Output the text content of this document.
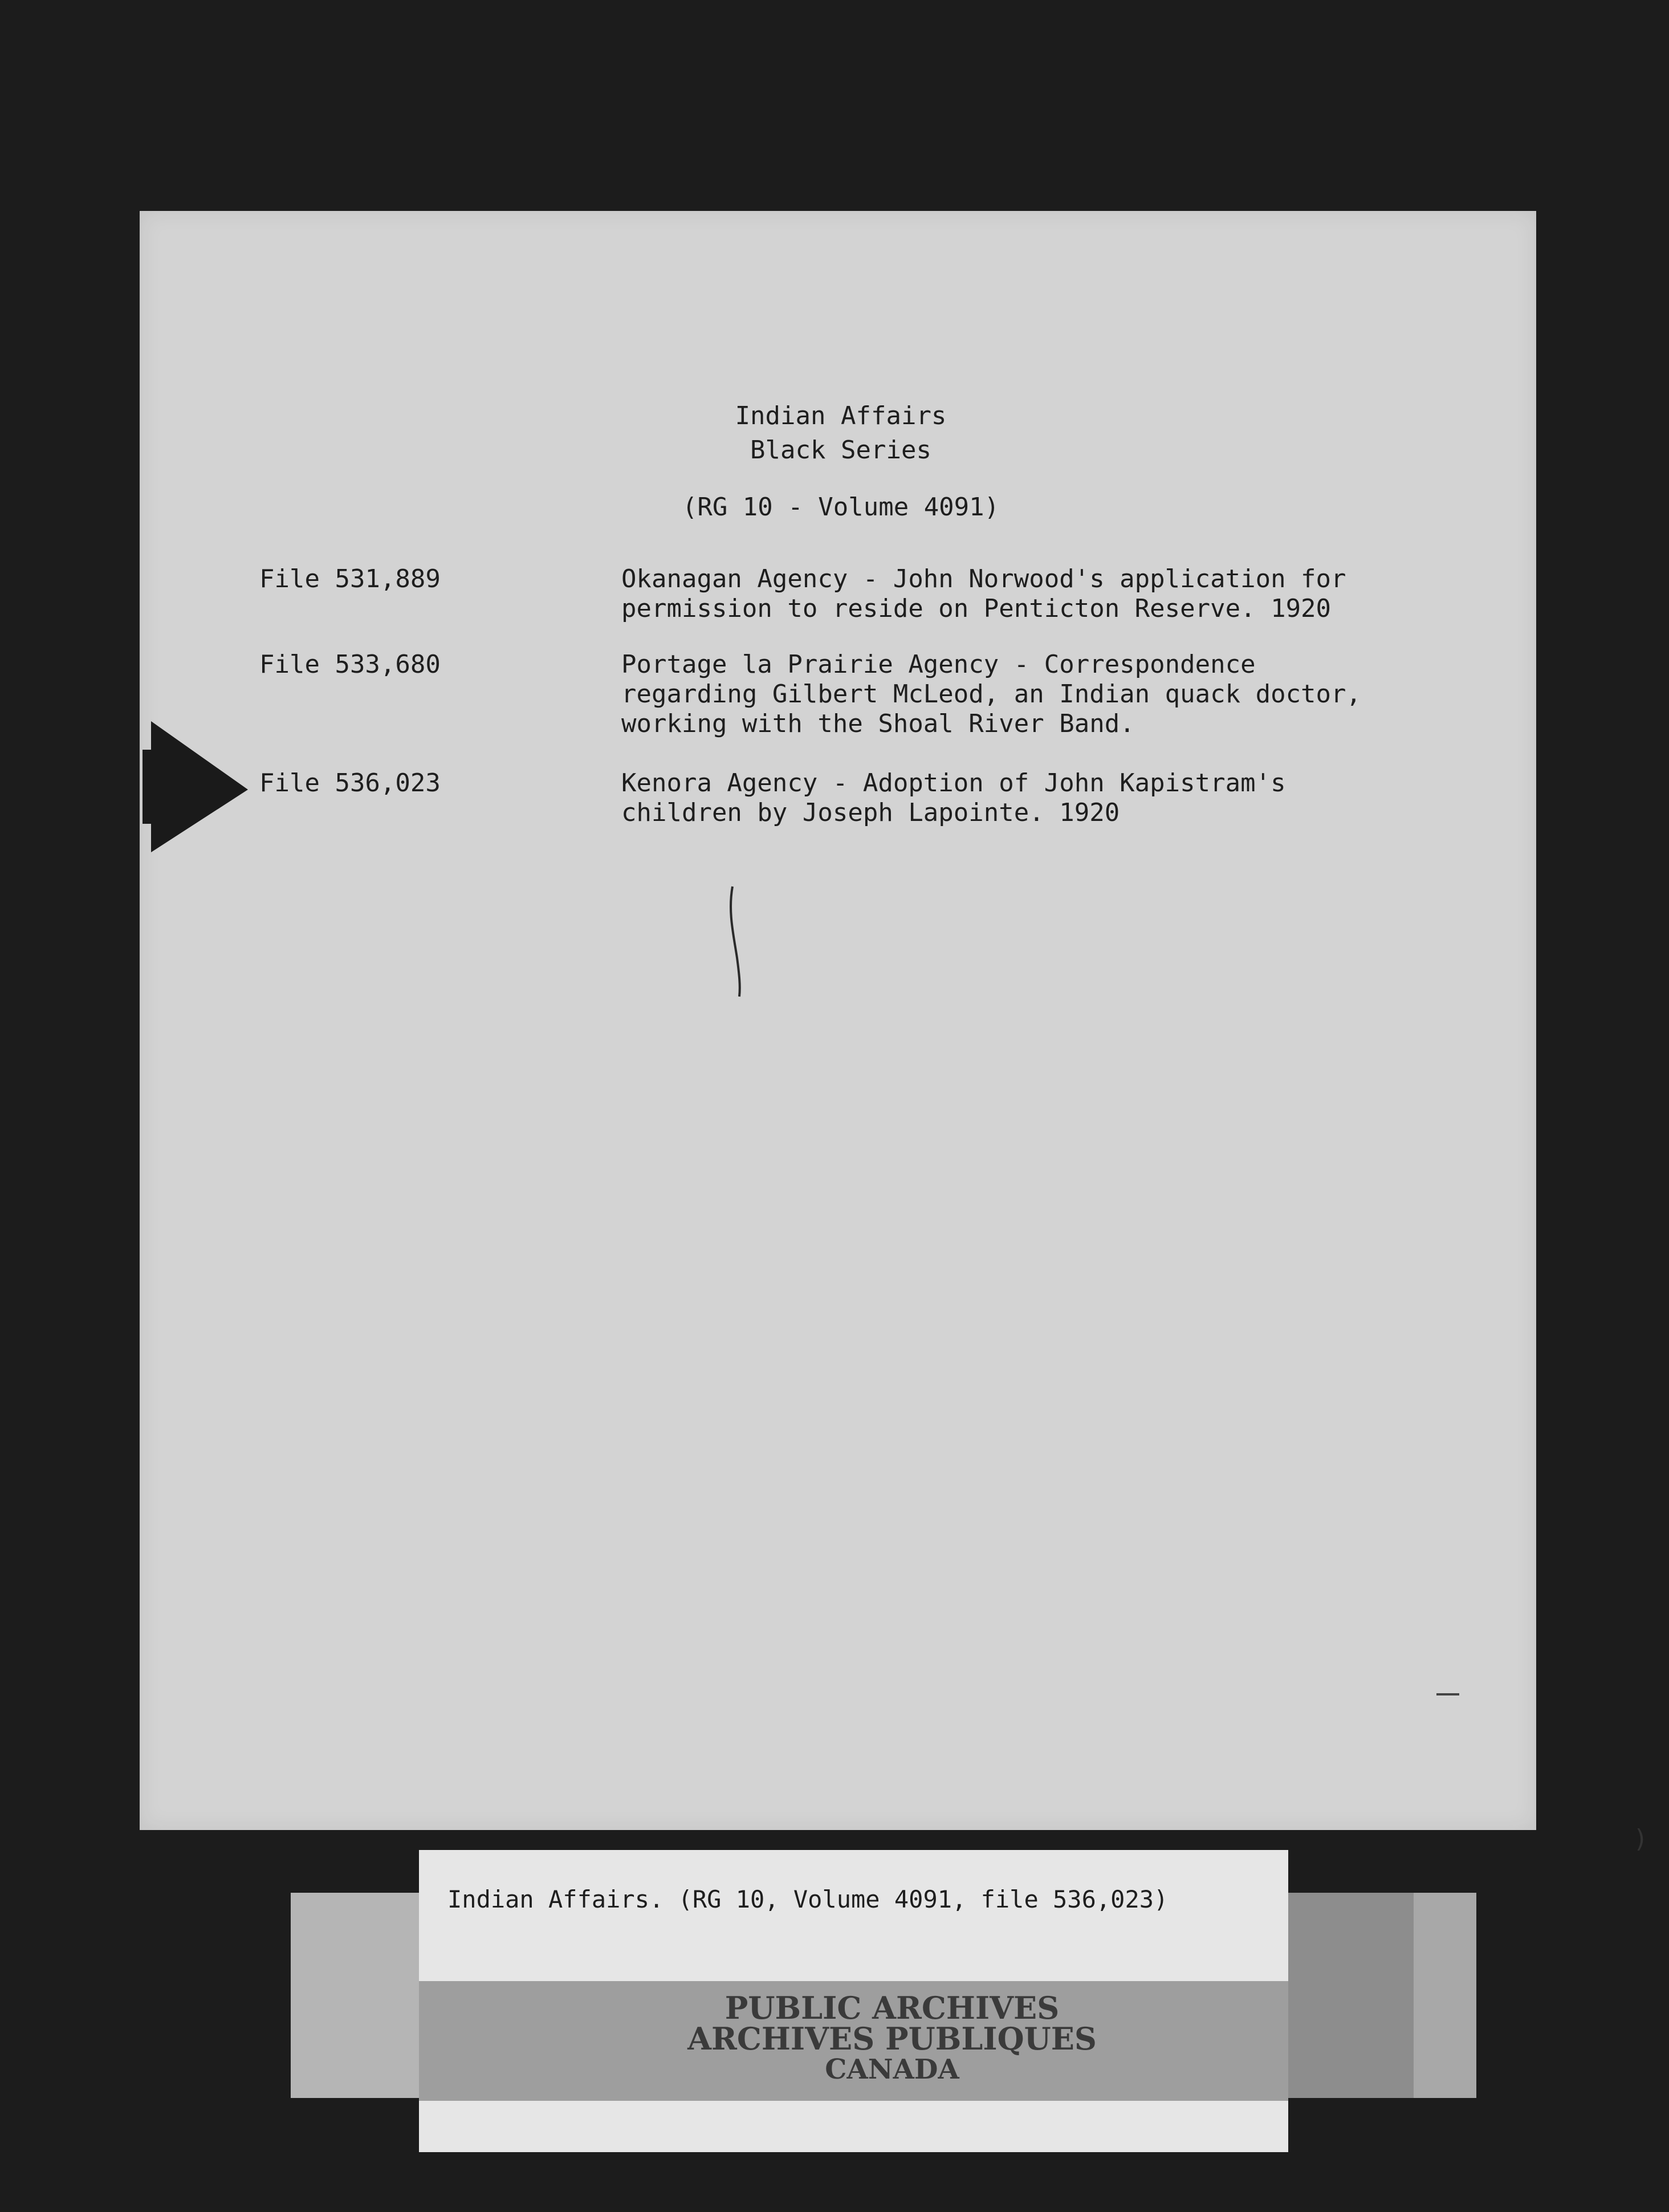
Indian Affairs
Black Series
(RG 10 - Volume 4091)
File 531,889	Okanagan Agency - John Norwood's application for
permission to reside on Penticton Reserve. 1920
File 533,680	Portage la Prairie Agency - Correspondence
regarding Gilbert McLeod, an Indian quack doctor,
working with the Shoal River Band.
File 536,023	Kenora Agency - Adoption of John Kapistram's
children by Joseph Lapointe. 1920
)
Indian Affairs. (RG 10, Volume 4091, file 536,023)
PUBLIC ARCHIVES
ARCHIVES PUBLIQUES
CANADA
